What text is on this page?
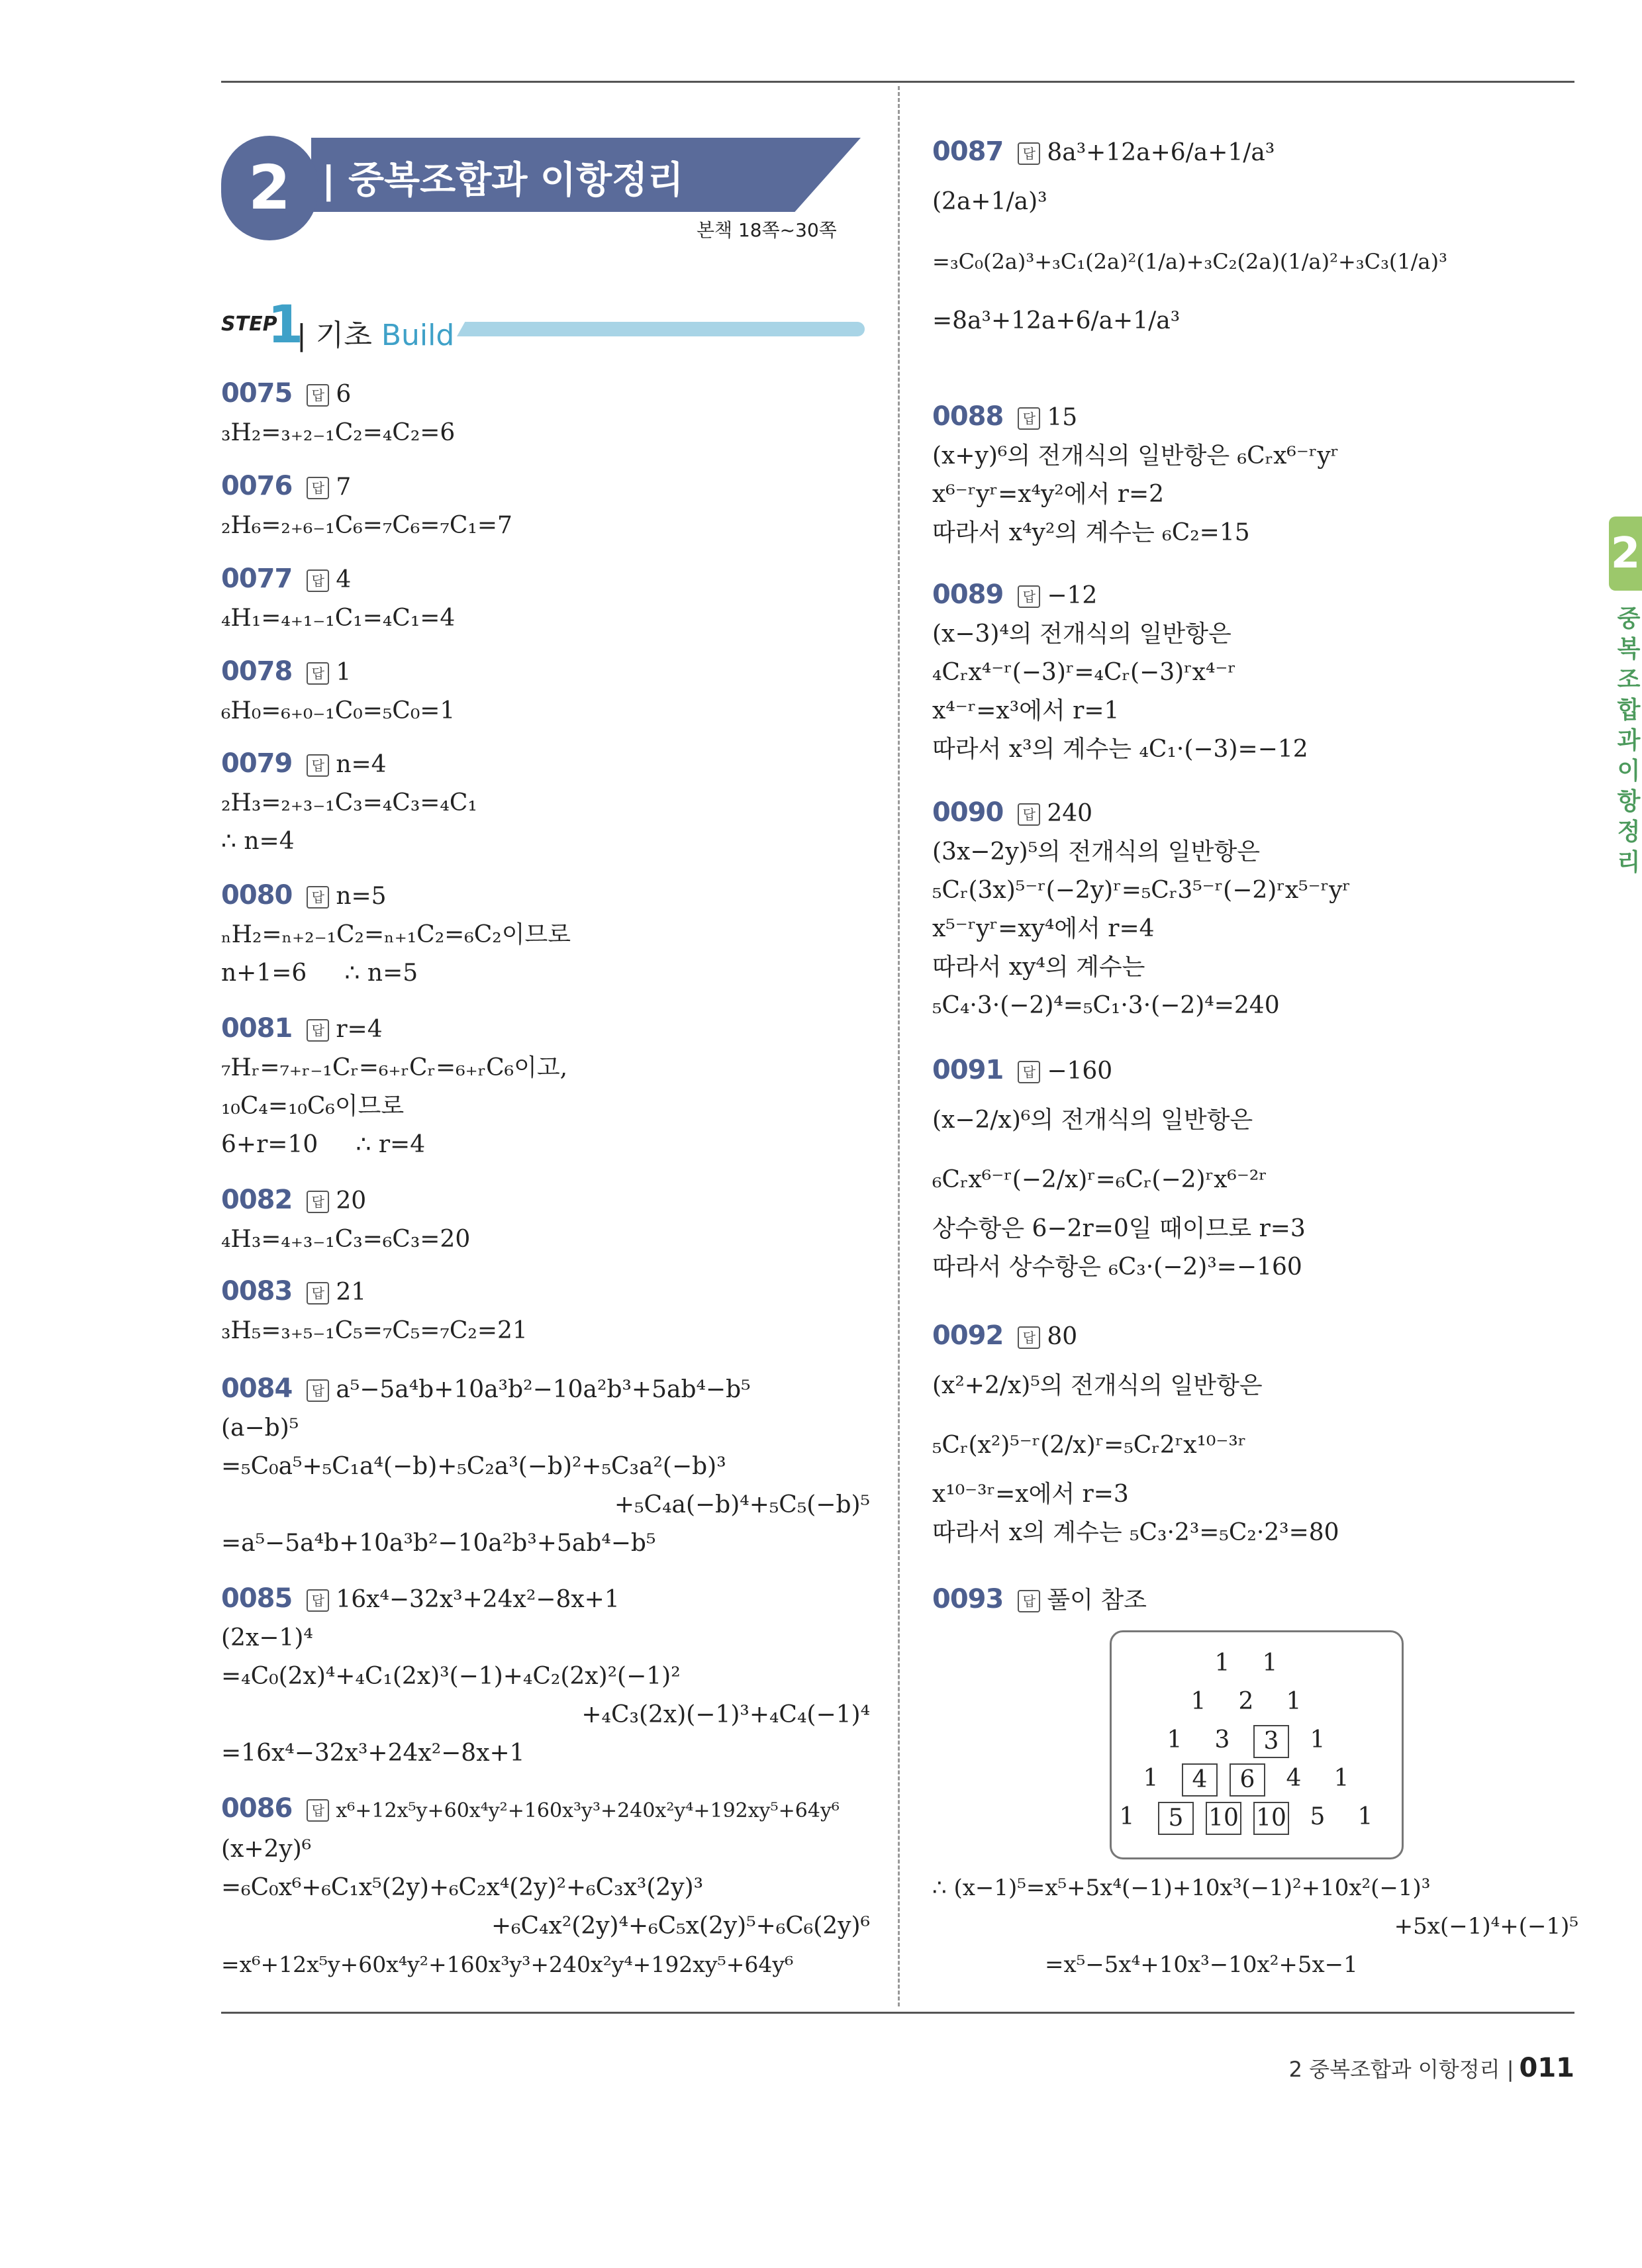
2 | 중복조합과 이항정리
본책 18쪽~30쪽
STEP
1
| 기초 Build
0075 답 6
₃H₂=₃₊₂₋₁C₂=₄C₂=6
0076 답 7
₂H₆=₂₊₆₋₁C₆=₇C₆=₇C₁=7
0077 답 4
₄H₁=₄₊₁₋₁C₁=₄C₁=4
0078 답 1
₆H₀=₆₊₀₋₁C₀=₅C₀=1
0079 답 n=4
₂H₃=₂₊₃₋₁C₃=₄C₃=₄C₁
∴ n=4
0080 답 n=5
ₙH₂=ₙ₊₂₋₁C₂=ₙ₊₁C₂=₆C₂이므로
n+1=6     ∴ n=5
0081 답 r=4
₇Hᵣ=₇₊ᵣ₋₁Cᵣ=₆₊ᵣCᵣ=₆₊ᵣC₆이고,
₁₀C₄=₁₀C₆이므로
6+r=10     ∴ r=4
0082 답 20
₄H₃=₄₊₃₋₁C₃=₆C₃=20
0083 답 21
₃H₅=₃₊₅₋₁C₅=₇C₅=₇C₂=21
0084 답 a⁵−5a⁴b+10a³b²−10a²b³+5ab⁴−b⁵
(a−b)⁵
=₅C₀a⁵+₅C₁a⁴(−b)+₅C₂a³(−b)²+₅C₃a²(−b)³
+₅C₄a(−b)⁴+₅C₅(−b)⁵
=a⁵−5a⁴b+10a³b²−10a²b³+5ab⁴−b⁵
0085 답 16x⁴−32x³+24x²−8x+1
(2x−1)⁴
=₄C₀(2x)⁴+₄C₁(2x)³(−1)+₄C₂(2x)²(−1)²
+₄C₃(2x)(−1)³+₄C₄(−1)⁴
=16x⁴−32x³+24x²−8x+1
0086 답 x⁶+12x⁵y+60x⁴y²+160x³y³+240x²y⁴+192xy⁵+64y⁶
(x+2y)⁶
=₆C₀x⁶+₆C₁x⁵(2y)+₆C₂x⁴(2y)²+₆C₃x³(2y)³
+₆C₄x²(2y)⁴+₆C₅x(2y)⁵+₆C₆(2y)⁶
=x⁶+12x⁵y+60x⁴y²+160x³y³+240x²y⁴+192xy⁵+64y⁶
0087 답 8a³+12a+6/a+1/a³
(2a+1/a)³
=₃C₀(2a)³+₃C₁(2a)²(1/a)+₃C₂(2a)(1/a)²+₃C₃(1/a)³
=8a³+12a+6/a+1/a³
0088 답 15
(x+y)⁶의 전개식의 일반항은 ₆Cᵣx⁶⁻ʳyʳ
x⁶⁻ʳyʳ=x⁴y²에서 r=2
따라서 x⁴y²의 계수는 ₆C₂=15
0089 답 −12
(x−3)⁴의 전개식의 일반항은
₄Cᵣx⁴⁻ʳ(−3)ʳ=₄Cᵣ(−3)ʳx⁴⁻ʳ
x⁴⁻ʳ=x³에서 r=1
따라서 x³의 계수는 ₄C₁·(−3)=−12
0090 답 240
(3x−2y)⁵의 전개식의 일반항은
₅Cᵣ(3x)⁵⁻ʳ(−2y)ʳ=₅Cᵣ3⁵⁻ʳ(−2)ʳx⁵⁻ʳyʳ
x⁵⁻ʳyʳ=xy⁴에서 r=4
따라서 xy⁴의 계수는
₅C₄·3·(−2)⁴=₅C₁·3·(−2)⁴=240
0091 답 −160
(x−2/x)⁶의 전개식의 일반항은
₆Cᵣx⁶⁻ʳ(−2/x)ʳ=₆Cᵣ(−2)ʳx⁶⁻²ʳ
상수항은 6−2r=0일 때이므로 r=3
따라서 상수항은 ₆C₃·(−2)³=−160
0092 답 80
(x²+2/x)⁵의 전개식의 일반항은
₅Cᵣ(x²)⁵⁻ʳ(2/x)ʳ=₅Cᵣ2ʳx¹⁰⁻³ʳ
x¹⁰⁻³ʳ=x에서 r=3
따라서 x의 계수는 ₅C₃·2³=₅C₂·2³=80
0093 답 풀이 참조
1	1
1	2	1
1	3	3	1
1	4	6	4	1
1	5	10 10 5	1
∴ (x−1)⁵=x⁵+5x⁴(−1)+10x³(−1)²+10x²(−1)³
+5x(−1)⁴+(−1)⁵
=x⁵−5x⁴+10x³−10x²+5x−1
2
중복조합과 이항정리
2 중복조합과 이항정리 | 011
